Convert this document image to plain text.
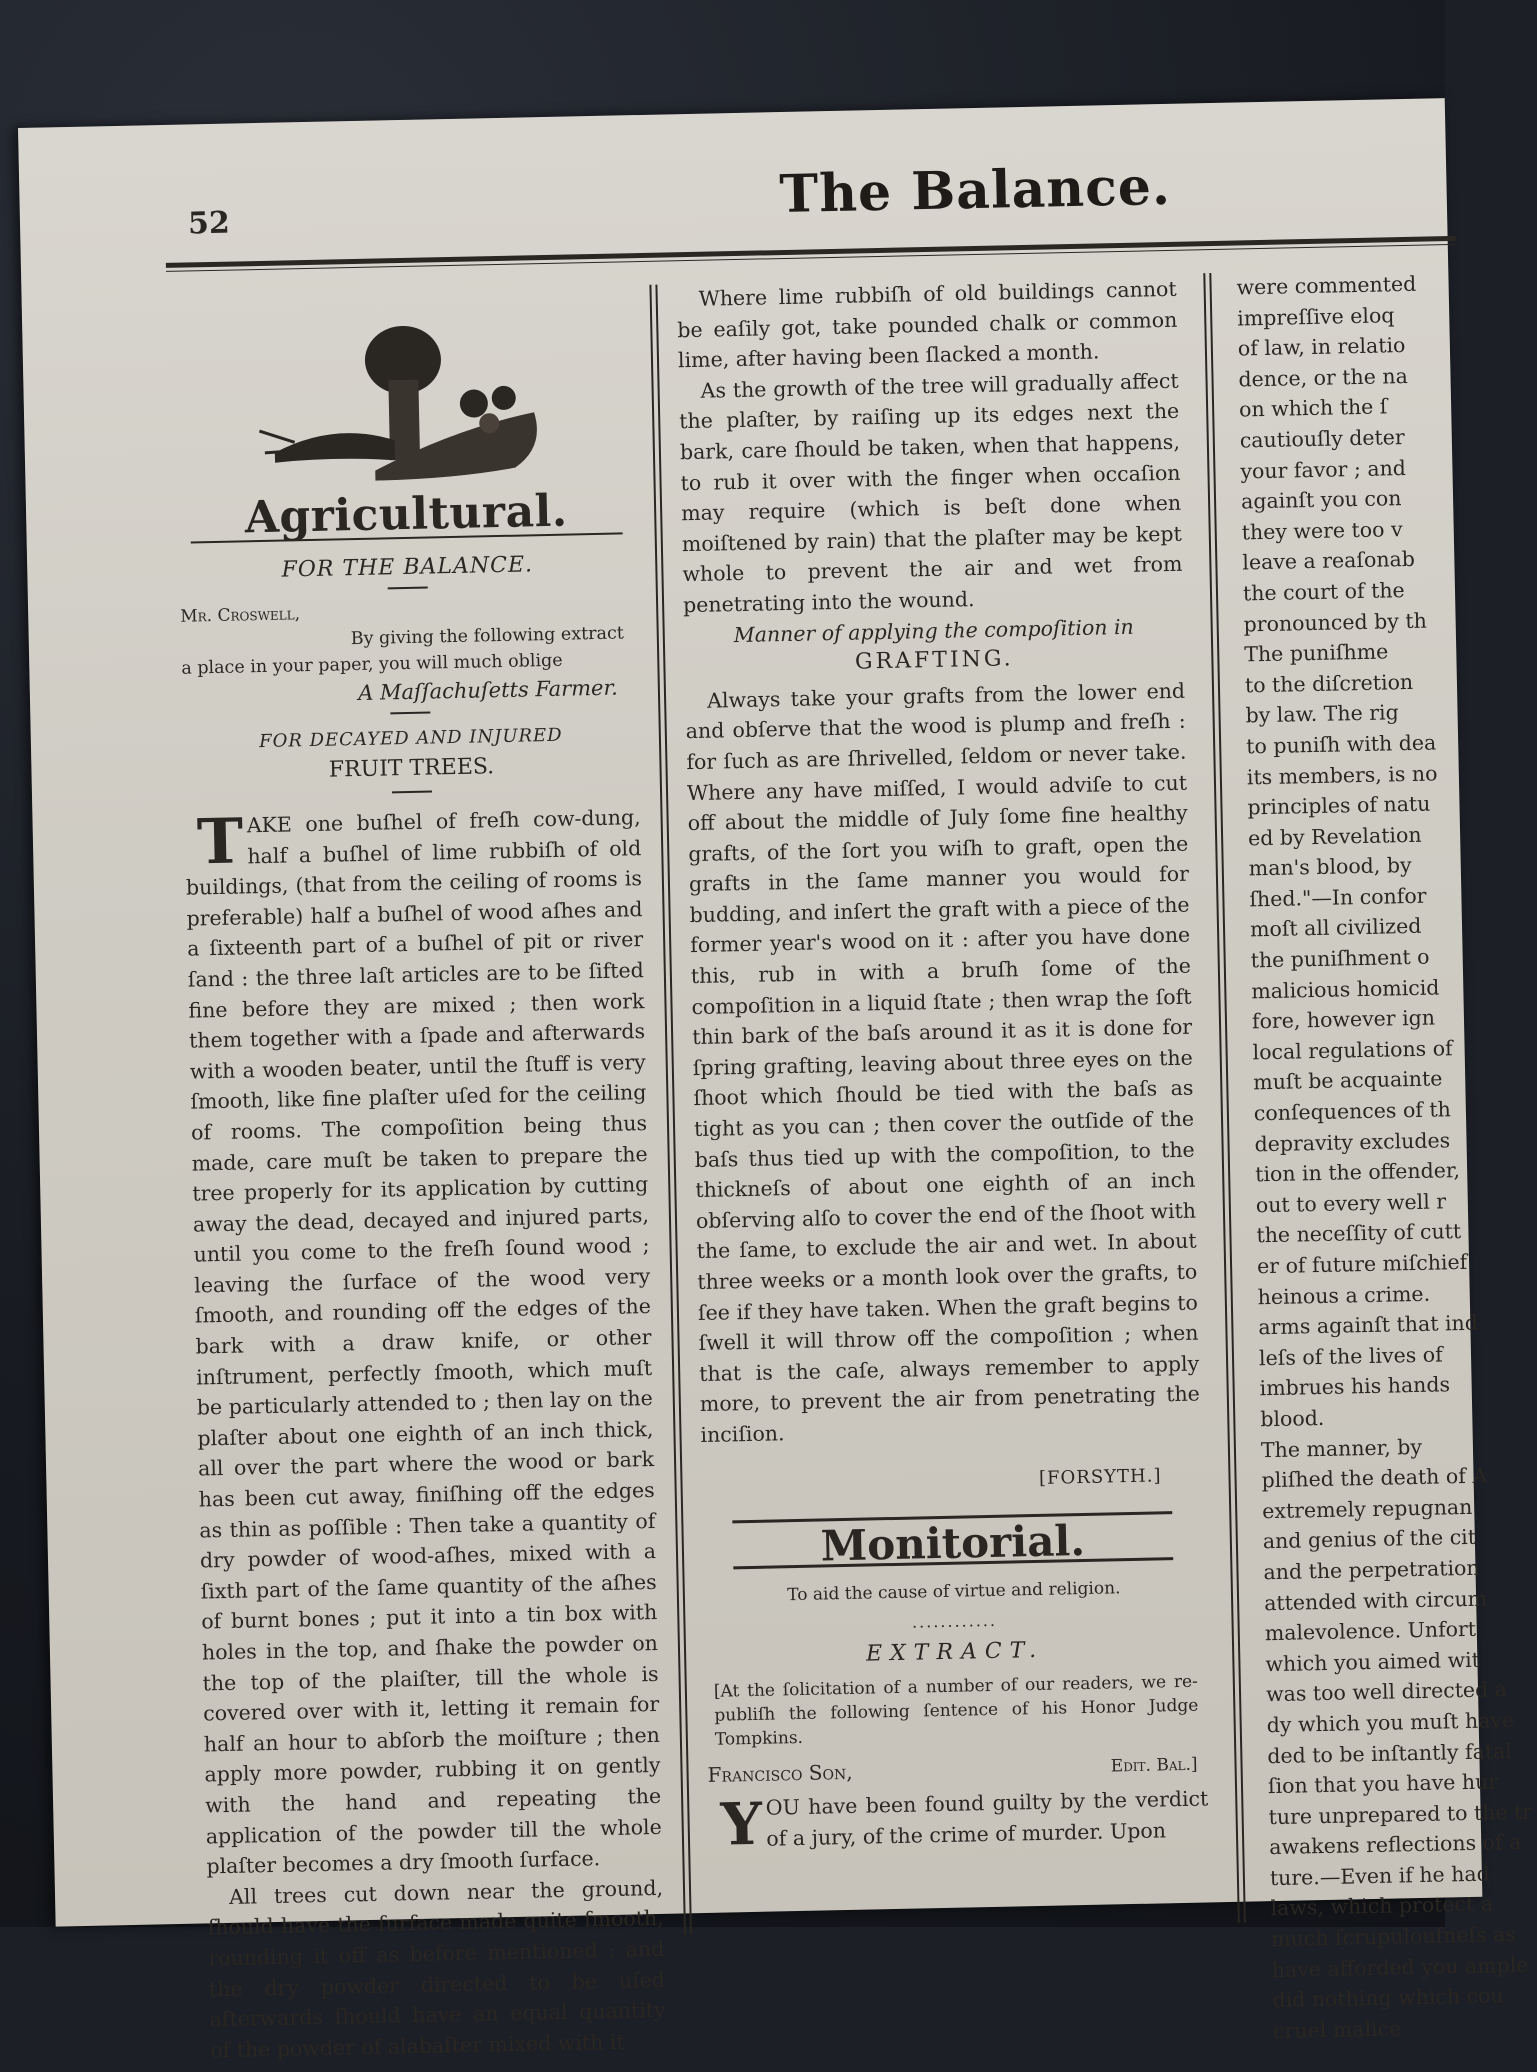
52	The Balance.
Agricultural.
FOR THE BALANCE.
Mr. Croswell,
By giving the following extract
a place in your paper, you will much oblige
A Maſſachuſetts Farmer.
FOR DECAYED AND INJURED
FRUIT TREES.

TAKE one buſhel of freſh cow-dung, half a buſhel of lime rubbiſh of old buildings, (that from the ceiling of rooms is preferable) half a buſhel of wood aſhes and a ſixteenth part of a buſhel of pit or river ſand : the three laſt articles are to be ſifted fine before they are mixed ; then work them together with a ſpade and afterwards with a wooden beater, until the ſtuff is very ſmooth, like fine plaſter uſed for the ceiling of rooms. The compoſition being thus made, care muſt be taken to prepare the tree properly for its application by cutting away the dead, decayed and injured parts, until you come to the freſh ſound wood ; leaving the ſurface of the wood very ſmooth, and rounding off the edges of the bark with a draw knife, or other inſtrument, perfectly ſmooth, which muſt be particularly attended to ; then lay on the plaſter about one eighth of an inch thick, all over the part where the wood or bark has been cut away, finiſhing off the edges as thin as poſſible : Then take a quantity of dry powder of wood-aſhes, mixed with a ſixth part of the ſame quantity of the aſhes of burnt bones ; put it into a tin box with holes in the top, and ſhake the powder on the top of the plaiſter, till the whole is covered over with it, letting it remain for half an hour to abſorb the moiſture ; then apply more powder, rubbing it on gently with the hand and repeating the application of the powder till the whole plaſter becomes a dry ſmooth ſurface.

All trees cut down near the ground, ſhould have the ſurface made quite ſmooth, rounding it off as before mentioned : and the dry powder directed to be uſed afterwards ſhould have an equal quantity of the powder of alabaſter mixed with it

Where lime rubbiſh of old buildings cannot be eaſily got, take pounded chalk or common lime, after having been ſlacked a month.

As the growth of the tree will gradually affect the plaſter, by raiſing up its edges next the bark, care ſhould be taken, when that happens, to rub it over with the finger when occaſion may require (which is beſt done when moiſtened by rain) that the plaſter may be kept whole to prevent the air and wet from penetrating into the wound.

Manner of applying the compoſition in

GRAFTING.

Always take your grafts from the lower end and obſerve that the wood is plump and freſh : for ſuch as are ſhrivelled, ſeldom or never take. Where any have miſſed, I would adviſe to cut off about the middle of July ſome fine healthy grafts, of the ſort you wiſh to graft, open the grafts in the ſame manner you would for budding, and inſert the graft with a piece of the former year's wood on it : after you have done this, rub in with a bruſh ſome of the compoſition in a liquid ſtate ; then wrap the ſoft thin bark of the baſs around it as it is done for ſpring grafting, leaving about three eyes on the ſhoot which ſhould be tied with the baſs as tight as you can ; then cover the outſide of the baſs thus tied up with the compoſition, to the thickneſs of about one eighth of an inch obſerving alſo to cover the end of the ſhoot with the ſame, to exclude the air and wet. In about three weeks or a month look over the grafts, to ſee if they have taken. When the graft begins to ſwell it will throw off the compoſition ; when that is the caſe, always remember to apply more, to prevent the air from penetrating the inciſion.

[FORSYTH.]
Monitorial.
To aid the cause of virtue and religion.
............
EXTRACT.
[At the ſolicitation of a number of our readers, we re-publiſh the following ſentence of his Honor Judge Tompkins.
Francisco Son,	Edit. Bal.]

YOU have been found guilty by the verdict of a jury, of the crime of murder. Upon

were commented

impreſſive eloq

of law, in relatio

dence, or the na

on which the ſ

cautiouſly deter

your favor ; and

againſt you con

they were too v

leave a reaſonab

the court of the

pronounced by th

The puniſhme

to the diſcretion

by law. The rig

to puniſh with dea

its members, is no

principles of natu

ed by Revelation

man's blood, by

ſhed."—In confor

moſt all civilized

the puniſhment o

malicious homicid

fore, however ign

local regulations of

muſt be acquainte

conſequences of th

depravity excludes

tion in the offender,

out to every well r

the neceſſity of cutt

er of future miſchief

heinous a crime.

arms againſt that ind

leſs of the lives of

imbrues his hands

blood.

The manner, by

pliſhed the death of A

extremely repugnan

and genius of the cit

and the perpetration

attended with circum

malevolence. Unfort

which you aimed wit

was too well directed a

dy which you muſt have

ded to be inſtantly fatal

ſion that you have hur

ture unprepared to the tr

awakens reflections of a

ture.—Even if he had

laws, which protect a

much ſcrupuloufneſs as

have afforded you ample

did nothing which cou

cruel malice
